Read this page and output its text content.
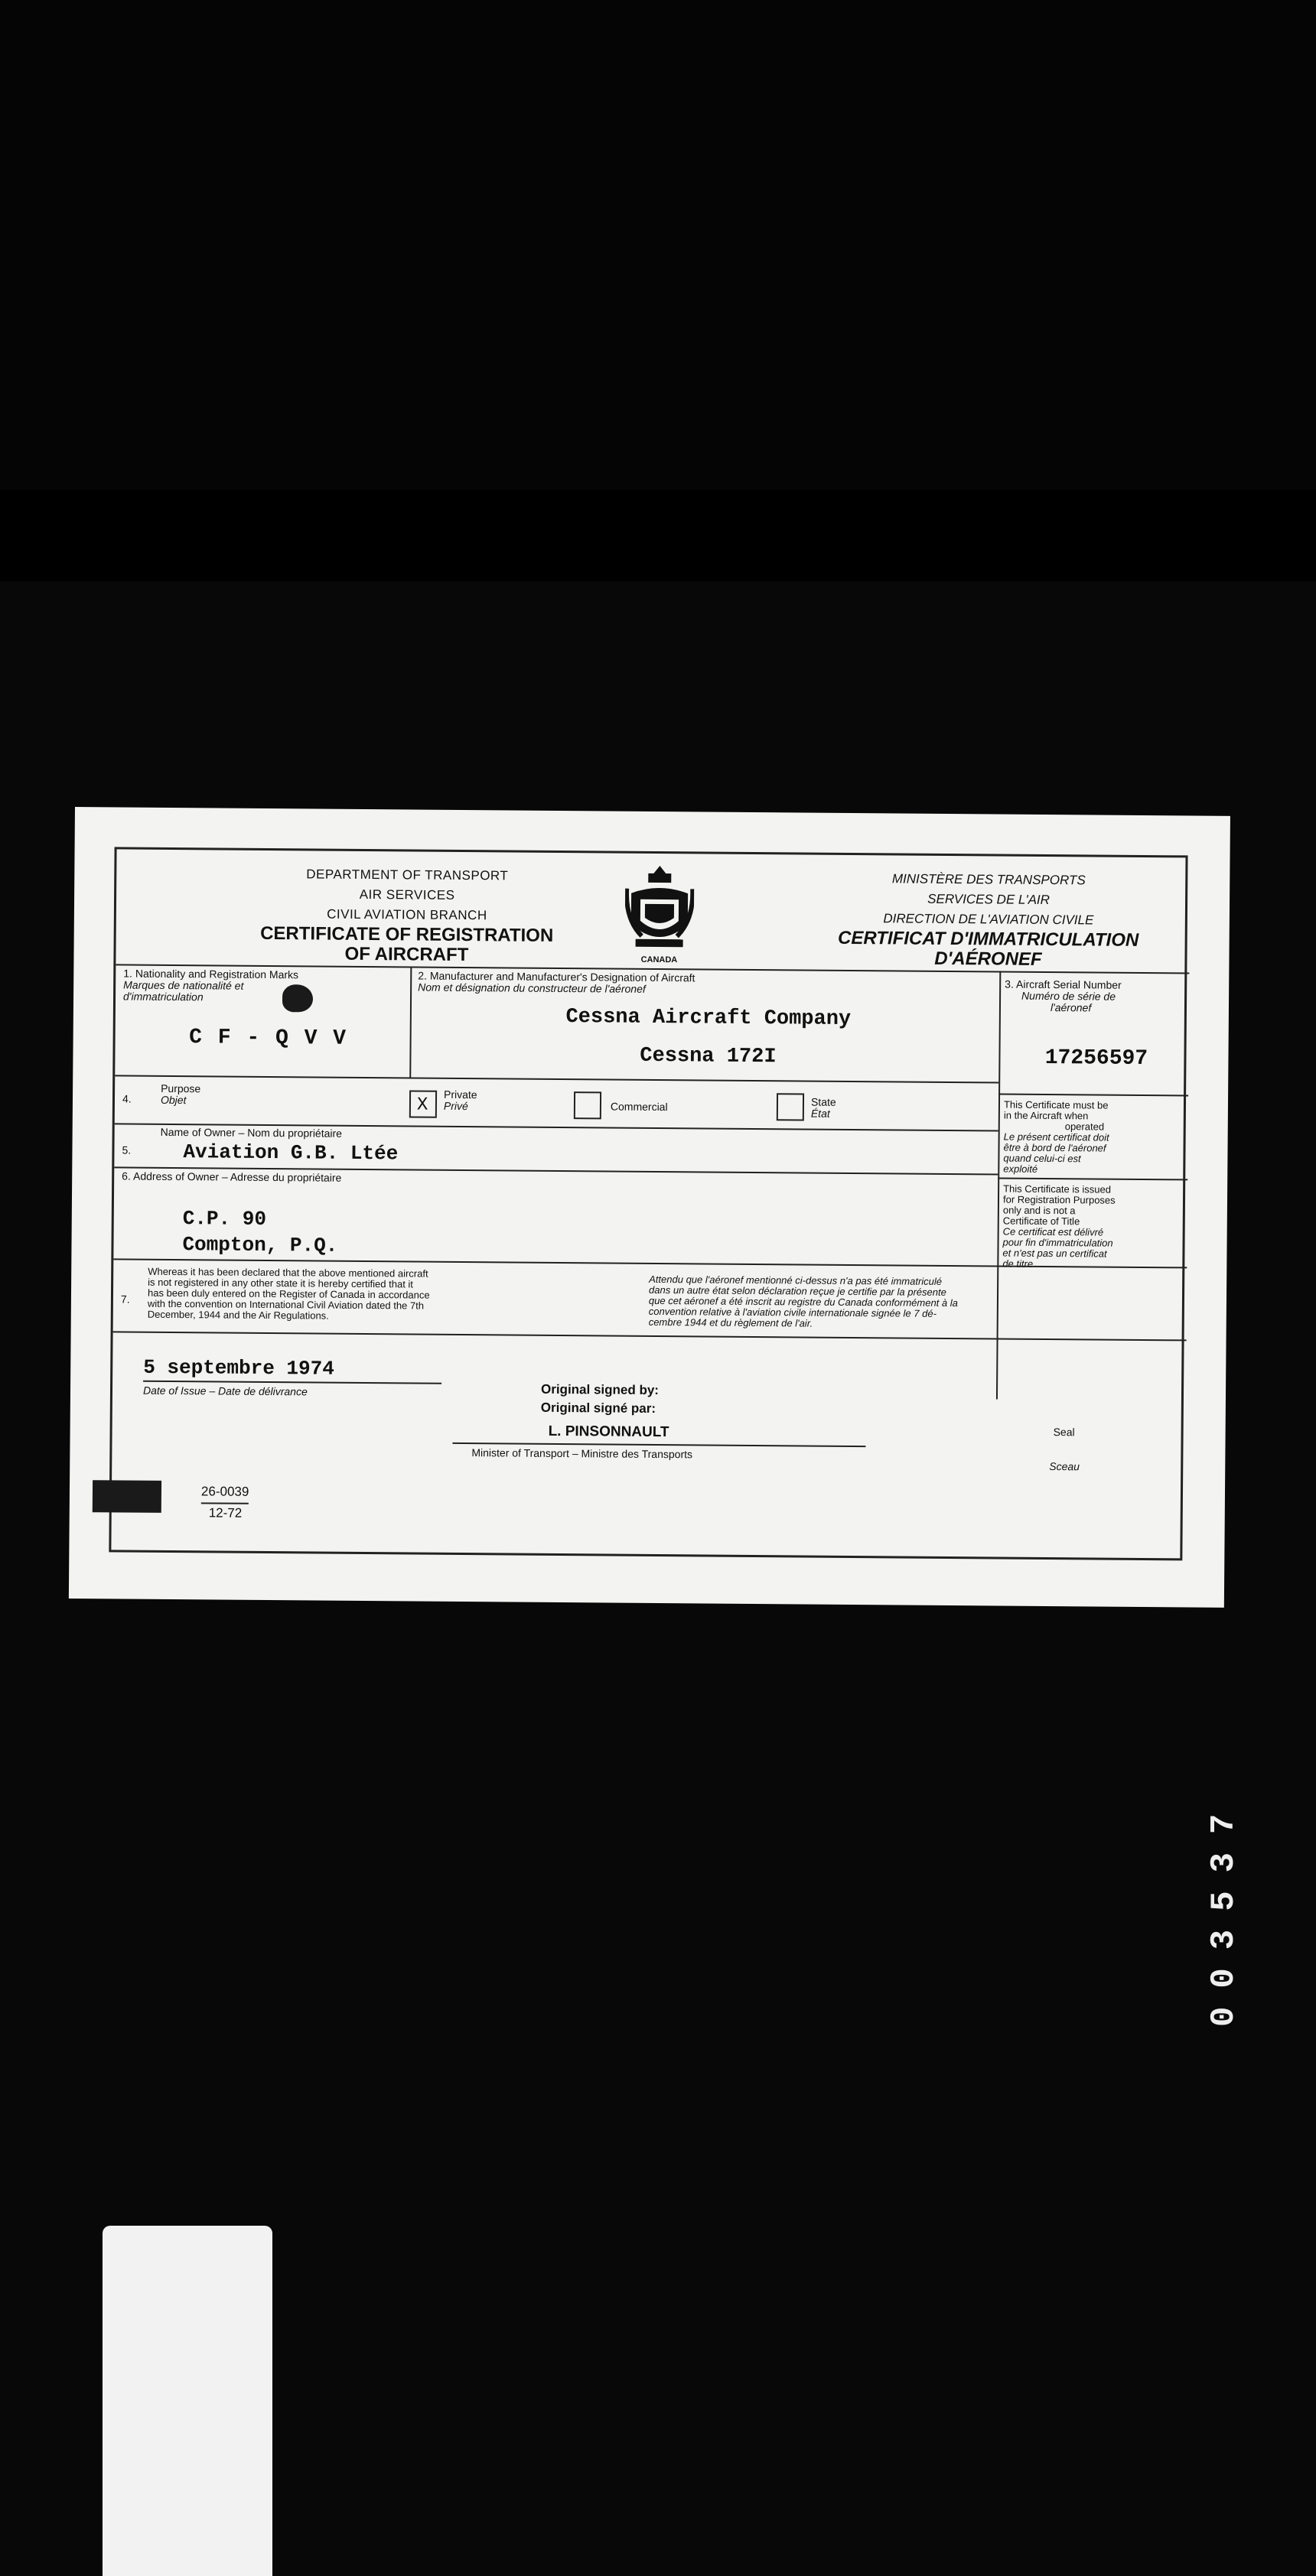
DEPARTMENT OF TRANSPORT
AIR SERVICES
CIVIL AVIATION BRANCH
CERTIFICATE OF REGISTRATION
OF AIRCRAFT	CANADA
MINISTÈRE DES TRANSPORTS
SERVICES DE L'AIR
DIRECTION DE L'AVIATION CIVILE
CERTIFICAT D'IMMATRICULATION
D'AÉRONEF
1. Nationality and Registration Marks
Marques de nationalité et
d'immatriculation
C F - Q V V
2. Manufacturer and Manufacturer's Designation of Aircraft
Nom et désignation du constructeur de l'aéronef
Cessna Aircraft Company
Cessna 172I
3. Aircraft Serial Number
Numéro de série de
l'aéronef
17256597
4.
Purpose
Objet
X	Private
Privé	Commercial	State
État
Name of Owner – Nom du propriétaire
5.	Aviation G.B. Ltée
6. Address of Owner – Adresse du propriétaire
C.P. 90
Compton, P.Q.
This Certificate must be
in the Aircraft when
operated
Le présent certificat doit
être à bord de l'aéronef
quand celui-ci est
exploité
This Certificate is issued
for Registration Purposes
only and is not a
Certificate of Title
Ce certificat est délivré
pour fin d'immatriculation
et n'est pas un certificat
de titre
7.
Whereas it has been declared that the above mentioned aircraft
is not registered in any other state it is hereby certified that it
has been duly entered on the Register of Canada in accordance
with the convention on International Civil Aviation dated the 7th
December, 1944 and the Air Regulations.
Attendu que l'aéronef mentionné ci-dessus n'a pas été immatriculé
dans un autre état selon déclaration reçue je certifie par la présente
que cet aéronef a été inscrit au registre du Canada conformément à la
convention relative à l'aviation civile internationale signée le 7 dé-
cembre 1944 et du règlement de l'air.
5 septembre 1974
Date of Issue – Date de délivrance	Original signed by:
Original signé par:
L. PINSONNAULT
Minister of Transport – Ministre des Transports
Seal
Sceau
26-0039
12-72
003537
